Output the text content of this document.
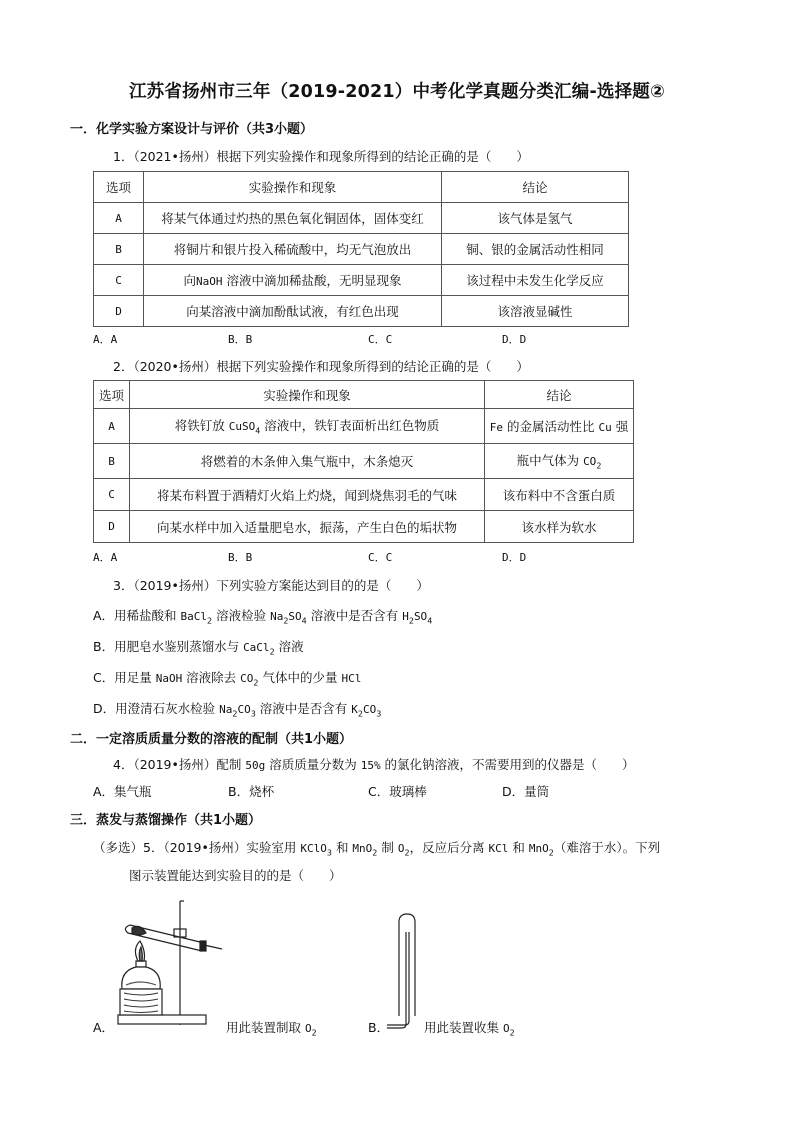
江苏省扬州市三年（2019-2021）中考化学真题分类汇编-选择题②
一．化学实验方案设计与评价（共3小题）
1．（2021•扬州）根据下列实验操作和现象所得到的结论正确的是（　　）
选项	实验操作和现象	结论
A	将某气体通过灼热的黑色氧化铜固体，固体变红	该气体是氢气
B	将铜片和银片投入稀硫酸中，均无气泡放出	铜、银的金属活动性相同
C	向NaOH 溶液中滴加稀盐酸，无明显现象	该过程中未发生化学反应
D	向某溶液中滴加酚酞试液，有红色出现	该溶液显碱性
A．A	B．B	C．C	D．D
2．（2020•扬州）根据下列实验操作和现象所得到的结论正确的是（　　）
选项	实验操作和现象	结论
A	将铁钉放 CuSO$_4$ 溶液中，铁钉表面析出红色物质	Fe 的金属活动性比 Cu 强
B	将燃着的木条伸入集气瓶中，木条熄灭	瓶中气体为 $CO_2$
C	将某布料置于酒精灯火焰上灼烧，闻到烧焦羽毛的气味	该布料中不含蛋白质
D	向某水样中加入适量肥皂水，振荡，产生白色的垢状物	该水样为软水
A．A	B．B	C．C	D．D
3．（2019•扬州）下列实验方案能达到目的的是（　　）
A．用稀盐酸和 BaCl$_2$ 溶液检验 $Na_2SO_4$ 溶液中是否含有 $H_2SO_4$
B．用肥皂水鉴别蒸馏水与 CaCl$_2$ 溶液
C．用足量 NaOH 溶液除去 $CO_2$ 气体中的少量 HCl
D．用澄清石灰水检验 $Na_2CO_3$ 溶液中是否含有 $K_2CO_3$
二．一定溶质质量分数的溶液的配制（共1小题）
4．（2019•扬州）配制 50g 溶质质量分数为 15% 的氯化钠溶液，不需要用到的仪器是（　　）
A．集气瓶	B．烧杯	C．玻璃棒	D．量筒
三．蒸发与蒸馏操作（共1小题）
（多选）5．（2019•扬州）实验室用 KClO$_3$ 和 MnO$_2$ 制 $O_2$，反应后分离 KCl 和 MnO$_2$（难溶于水）。下列
图示装置能达到实验目的的是（　　）
A．	用此装置制取 $O_2$	B．	用此装置收集 $O_2$
